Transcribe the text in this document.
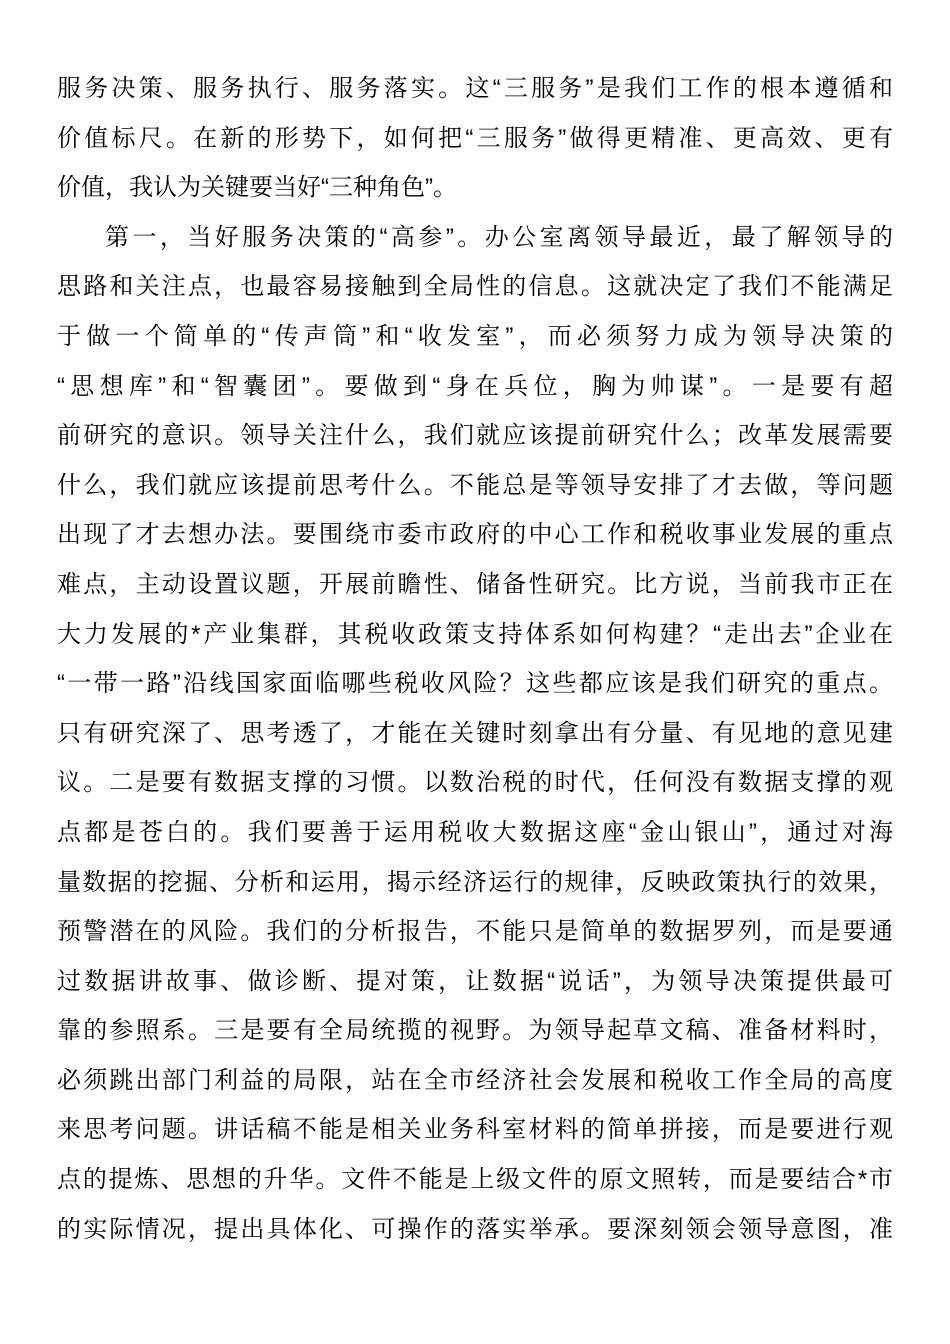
服务决策、服务执行、服务落实。这“三服务”是我们工作的根本遵循和
价值标尺。在新的形势下，如何把“三服务”做得更精准、更高效、更有
价值，我认为关键要当好“三种角色”。
第一，当好服务决策的“高参”。办公室离领导最近，最了解领导的
思路和关注点，也最容易接触到全局性的信息。这就决定了我们不能满足
于做一个简单的“传声筒”和“收发室”，而必须努力成为领导决策的
“思想库”和“智囊团”。要做到“身在兵位，胸为帅谋”。一是要有超
前研究的意识。领导关注什么，我们就应该提前研究什么；改革发展需要
什么，我们就应该提前思考什么。不能总是等领导安排了才去做，等问题
出现了才去想办法。要围绕市委市政府的中心工作和税收事业发展的重点
难点，主动设置议题，开展前瞻性、储备性研究。比方说，当前我市正在
大力发展的*产业集群，其税收政策支持体系如何构建？“走出去”企业在
“一带一路”沿线国家面临哪些税收风险？这些都应该是我们研究的重点。
只有研究深了、思考透了，才能在关键时刻拿出有分量、有见地的意见建
议。二是要有数据支撑的习惯。以数治税的时代，任何没有数据支撑的观
点都是苍白的。我们要善于运用税收大数据这座“金山银山”，通过对海
量数据的挖掘、分析和运用，揭示经济运行的规律，反映政策执行的效果，
预警潜在的风险。我们的分析报告，不能只是简单的数据罗列，而是要通
过数据讲故事、做诊断、提对策，让数据“说话”，为领导决策提供最可
靠的参照系。三是要有全局统揽的视野。为领导起草文稿、准备材料时，
必须跳出部门利益的局限，站在全市经济社会发展和税收工作全局的高度
来思考问题。讲话稿不能是相关业务科室材料的简单拼接，而是要进行观
点的提炼、思想的升华。文件不能是上级文件的原文照转，而是要结合*市
的实际情况，提出具体化、可操作的落实举承。要深刻领会领导意图，准
